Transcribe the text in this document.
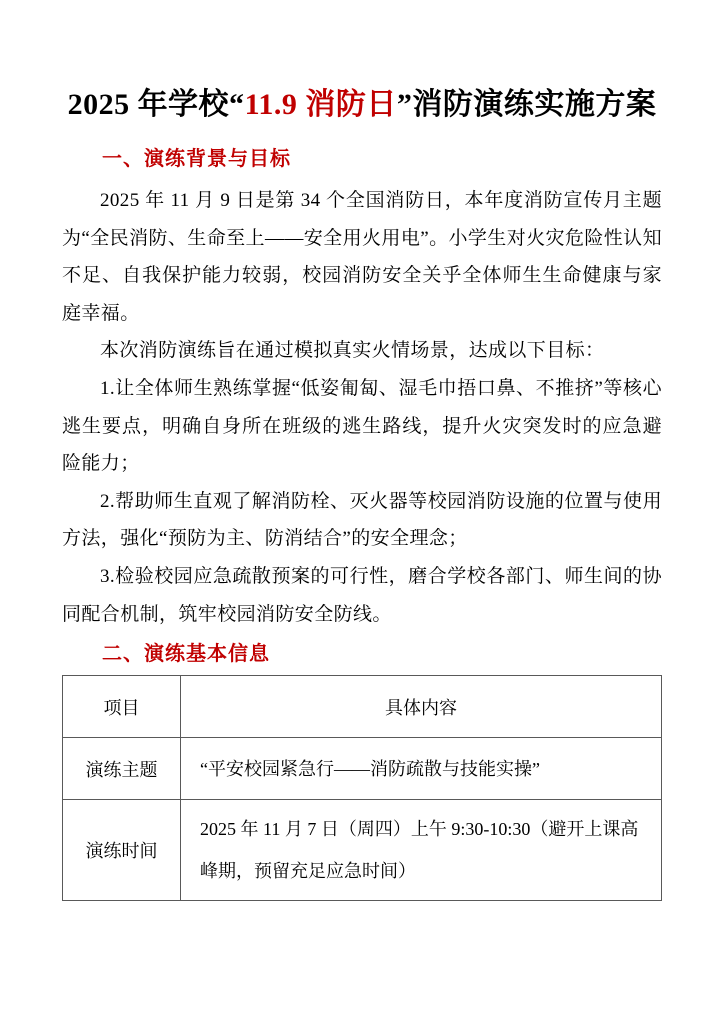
2025 年学校“11.9 消防日”消防演练实施方案
一、演练背景与目标

2025 年 11 月 9 日是第 34 个全国消防日，本年度消防宣传月主题为“全民消防、生命至上——安全用火用电”。小学生对火灾危险性认知不足、自我保护能力较弱，校园消防安全关乎全体师生生命健康与家庭幸福。

本次消防演练旨在通过模拟真实火情场景，达成以下目标：

1.让全体师生熟练掌握“低姿匍匐、湿毛巾捂口鼻、不推挤”等核心逃生要点，明确自身所在班级的逃生路线，提升火灾突发时的应急避险能力；

2.帮助师生直观了解消防栓、灭火器等校园消防设施的位置与使用方法，强化“预防为主、防消结合”的安全理念；

3.检验校园应急疏散预案的可行性，磨合学校各部门、师生间的协同配合机制，筑牢校园消防安全防线。

二、演练基本信息
项目	具体内容
演练主题	“平安校园紧急行——消防疏散与技能实操”
演练时间	2025 年 11 月 7 日（周四）上午 9:30-10:30（避开上课高峰期，预留充足应急时间）
